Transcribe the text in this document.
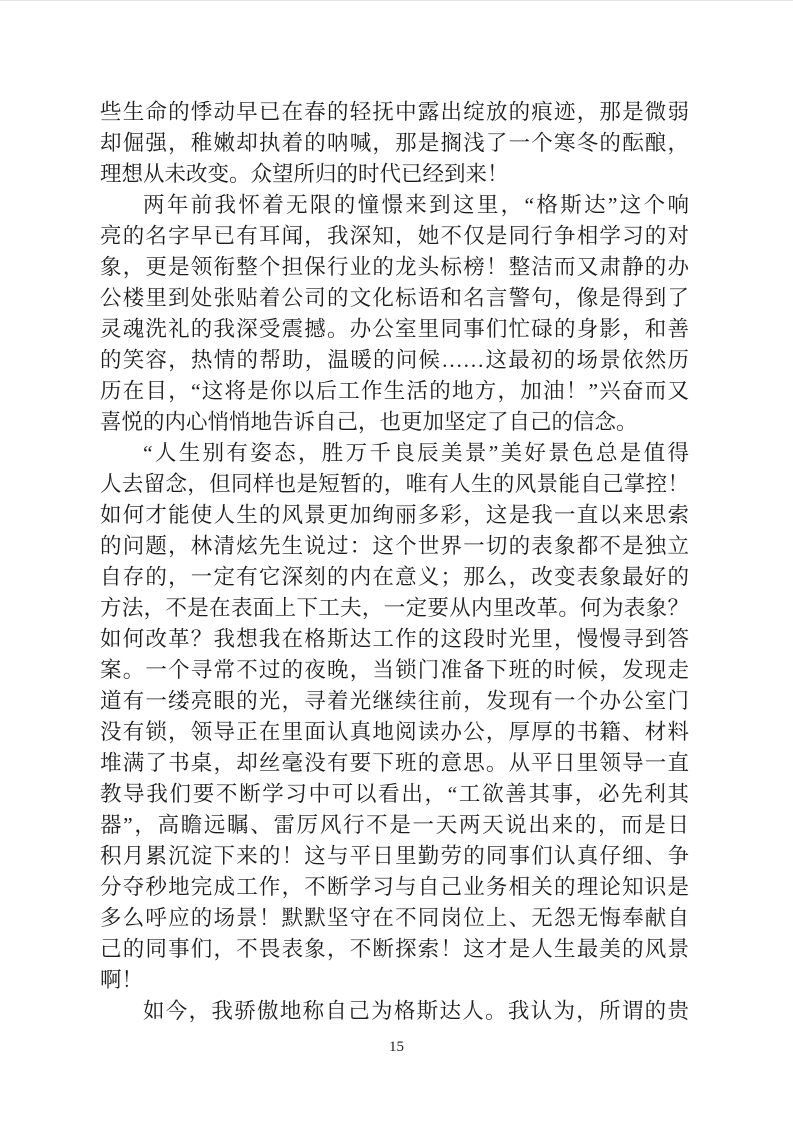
些生命的悸动早已在春的轻抚中露出绽放的痕迹，那是微弱
却倔强，稚嫩却执着的呐喊，那是搁浅了一个寒冬的酝酿，
理想从未改变。众望所归的时代已经到来！
两年前我怀着无限的憧憬来到这里，“格斯达”这个响
亮的名字早已有耳闻，我深知，她不仅是同行争相学习的对
象，更是领衔整个担保行业的龙头标榜！整洁而又肃静的办
公楼里到处张贴着公司的文化标语和名言警句，像是得到了
灵魂洗礼的我深受震撼。办公室里同事们忙碌的身影，和善
的笑容，热情的帮助，温暖的问候……这最初的场景依然历
历在目，“这将是你以后工作生活的地方，加油！”兴奋而又
喜悦的内心悄悄地告诉自己，也更加坚定了自己的信念。
“人生别有姿态，胜万千良辰美景”美好景色总是值得
人去留念，但同样也是短暂的，唯有人生的风景能自己掌控！
如何才能使人生的风景更加绚丽多彩，这是我一直以来思索
的问题，林清炫先生说过：这个世界一切的表象都不是独立
自存的，一定有它深刻的内在意义；那么，改变表象最好的
方法，不是在表面上下工夫，一定要从内里改革。何为表象？
如何改革？我想我在格斯达工作的这段时光里，慢慢寻到答
案。一个寻常不过的夜晚，当锁门准备下班的时候，发现走
道有一缕亮眼的光，寻着光继续往前，发现有一个办公室门
没有锁，领导正在里面认真地阅读办公，厚厚的书籍、材料
堆满了书桌，却丝毫没有要下班的意思。从平日里领导一直
教导我们要不断学习中可以看出，“工欲善其事，必先利其
器”，高瞻远瞩、雷厉风行不是一天两天说出来的，而是日
积月累沉淀下来的！这与平日里勤劳的同事们认真仔细、争
分夺秒地完成工作，不断学习与自己业务相关的理论知识是
多么呼应的场景！默默坚守在不同岗位上、无怨无悔奉献自
己的同事们，不畏表象，不断探索！这才是人生最美的风景
啊！
如今，我骄傲地称自己为格斯达人。我认为，所谓的贵
15
